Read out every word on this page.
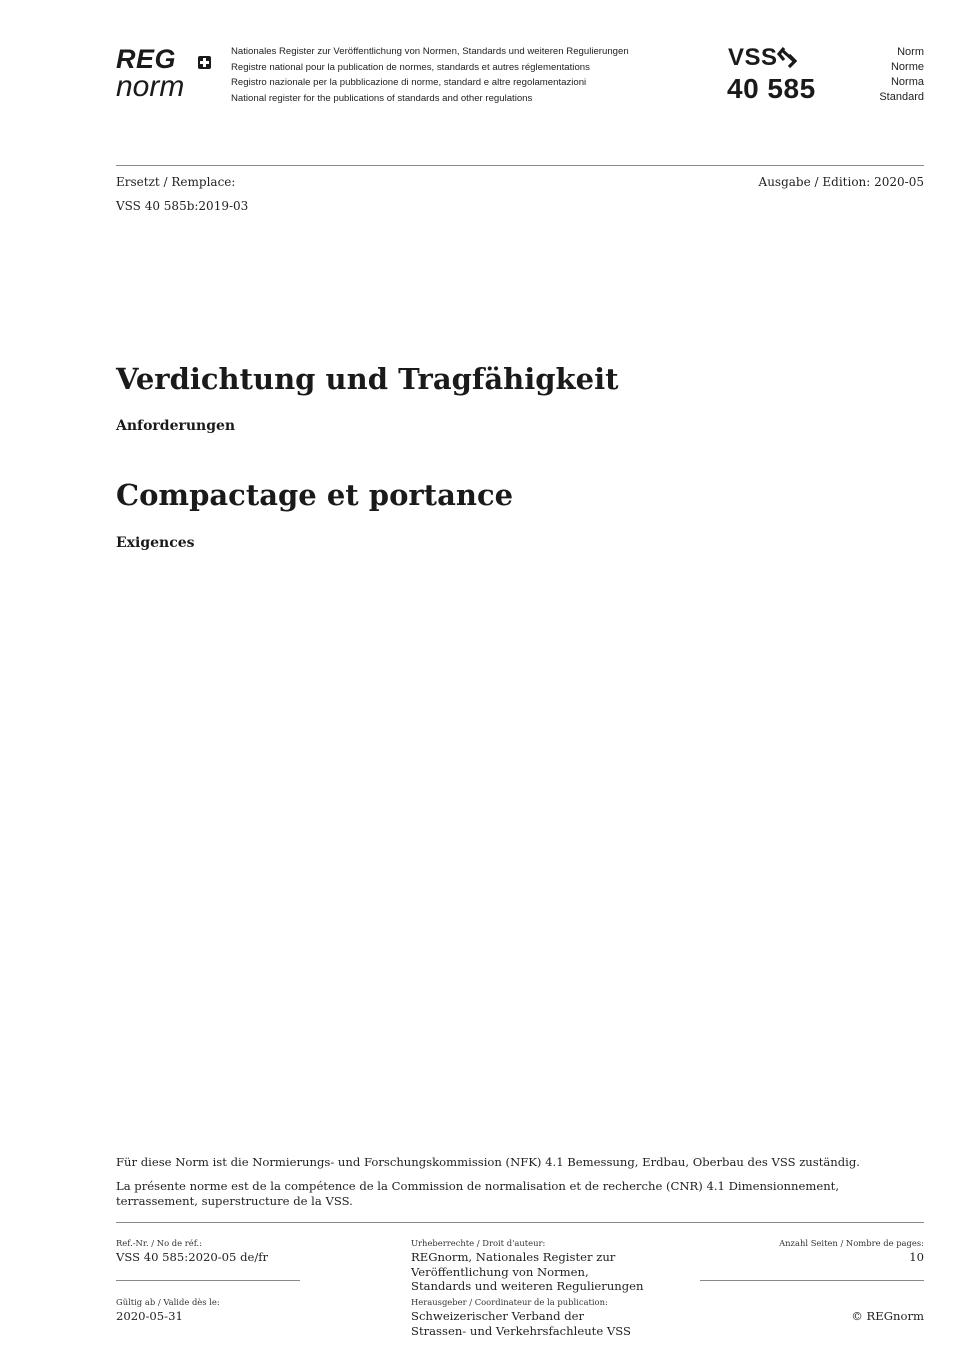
REG
norm
Nationales Register zur Veröffentlichung von Normen, Standards und weiteren Regulierungen
Registre national pour la publication de normes, standards et autres réglementations
Registro nazionale per la pubblicazione di norme, standard e altre regolamentazioni
National register for the publications of standards and other regulations
VSS
40 585
Norm
Norme
Norma
Standard
Ersetzt / Remplace:
VSS 40 585b:2019-03
Ausgabe / Edition: 2020-05
Verdichtung und Tragfähigkeit
Anforderungen
Compactage et portance
Exigences
Für diese Norm ist die Normierungs- und Forschungskommission (NFK) 4.1 Bemessung, Erdbau, Oberbau des VSS zuständig.
La présente norme est de la compétence de la Commission de normalisation et de recherche (CNR) 4.1 Dimensionnement, terrassement, superstructure de la VSS.
Ref.-Nr. / No de réf.:
VSS 40 585:2020-05 de/fr
Gültig ab / Valide dès le:
2020-05-31
Urheberrechte / Droit d'auteur:
REGnorm, Nationales Register zur Veröffentlichung von Normen, Standards und weiteren Regulierungen
Herausgeber / Coordinateur de la publication:
Schweizerischer Verband der Strassen- und Verkehrsfachleute VSS
Anzahl Seiten / Nombre de pages:
10
© REGnorm
